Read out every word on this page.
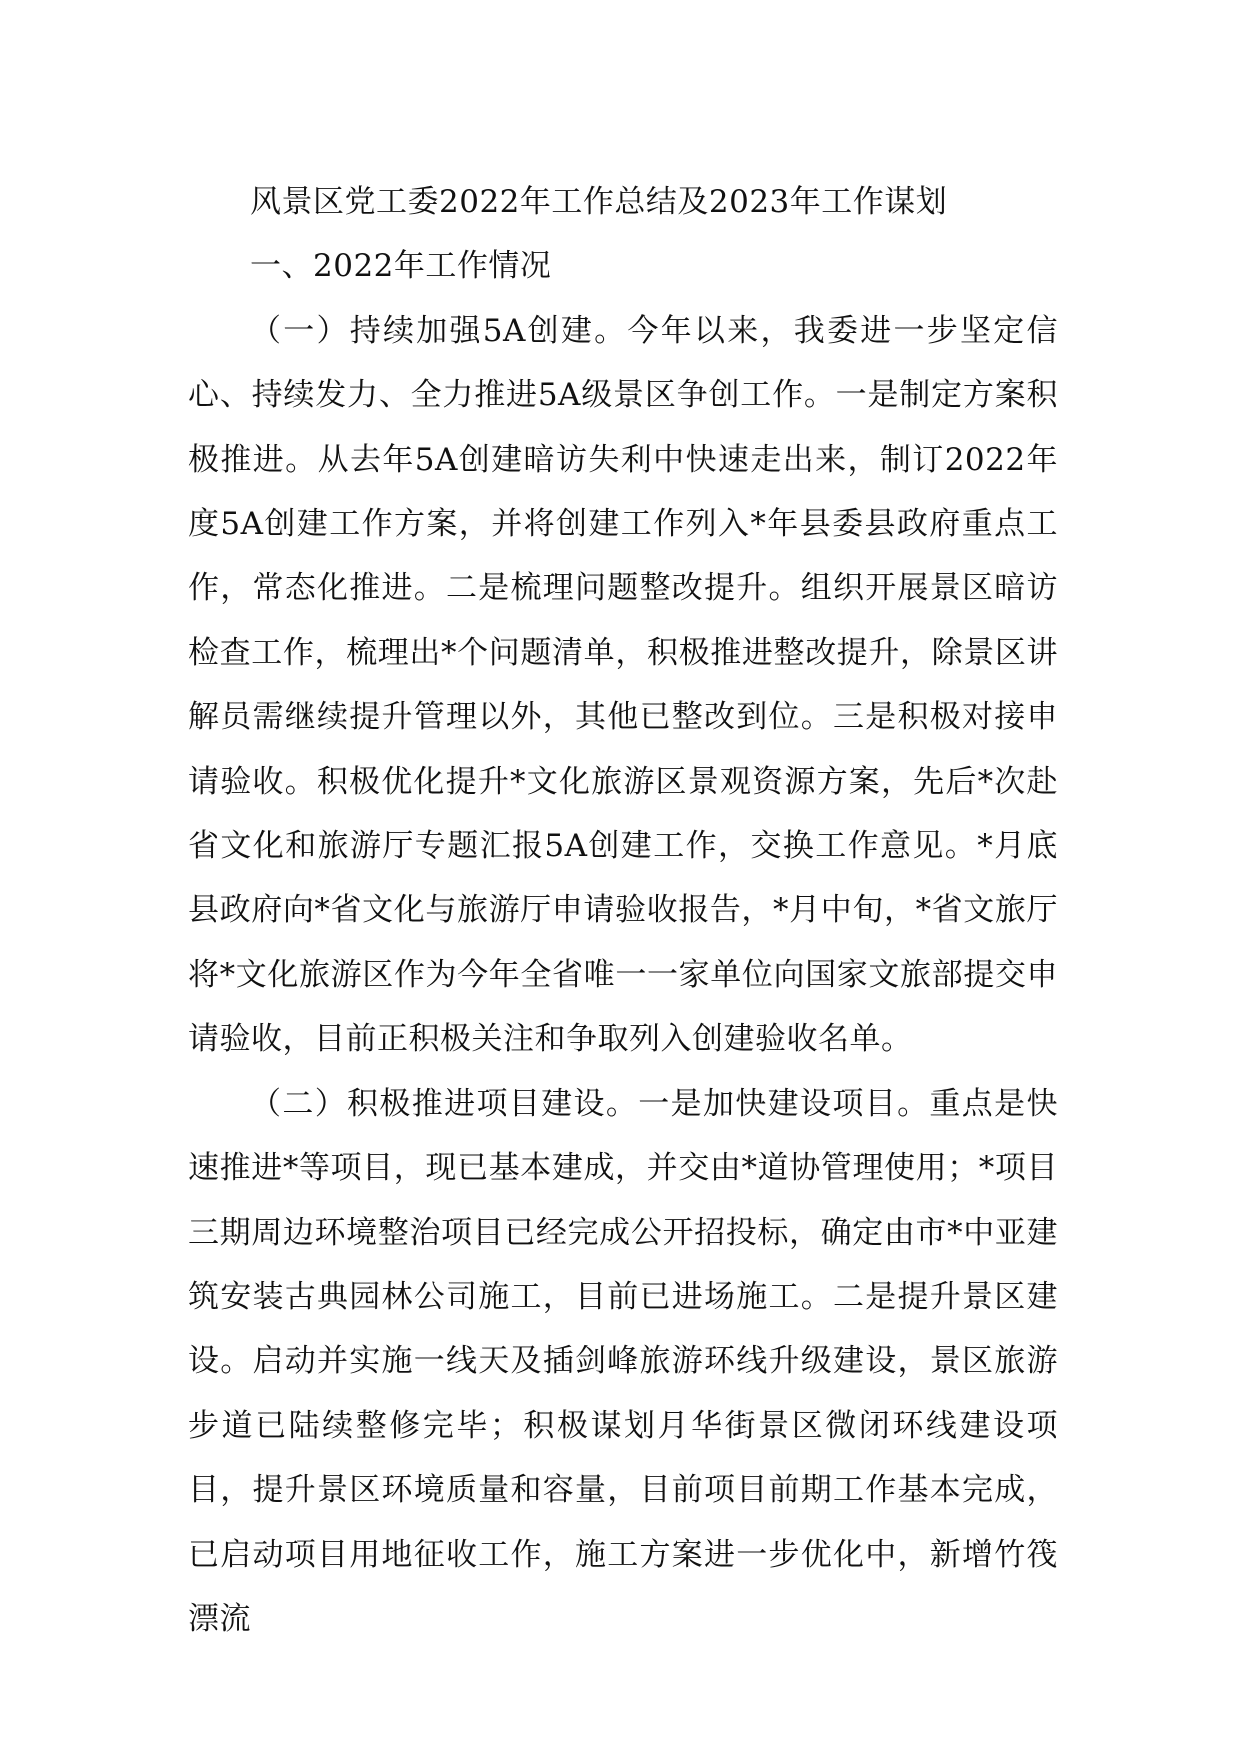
风景区党工委2022年工作总结及2023年工作谋划

一、2022年工作情况

（一）持续加强5A创建。今年以来，我委进一步坚定信心、持续发力、全力推进5A级景区争创工作。一是制定方案积极推进。从去年5A创建暗访失利中快速走出来，制订2022年度5A创建工作方案，并将创建工作列入*年县委县政府重点工作，常态化推进。二是梳理问题整改提升。组织开展景区暗访检查工作，梳理出*个问题清单，积极推进整改提升，除景区讲解员需继续提升管理以外，其他已整改到位。三是积极对接申请验收。积极优化提升*文化旅游区景观资源方案，先后*次赴省文化和旅游厅专题汇报5A创建工作，交换工作意见。*月底县政府向*省文化与旅游厅申请验收报告，*月中旬，*省文旅厅将*文化旅游区作为今年全省唯一一家单位向国家文旅部提交申请验收，目前正积极关注和争取列入创建验收名单。

（二）积极推进项目建设。一是加快建设项目。重点是快速推进*等项目，现已基本建成，并交由*道协管理使用；*项目三期周边环境整治项目已经完成公开招投标，确定由市*中亚建筑安装古典园林公司施工，目前已进场施工。二是提升景区建设。启动并实施一线天及插剑峰旅游环线升级建设，景区旅游步道已陆续整修完毕；积极谋划月华街景区微闭环线建设项目，提升景区环境质量和容量，目前项目前期工作基本完成，已启动项目用地征收工作，施工方案进一步优化中，新增竹筏漂流
